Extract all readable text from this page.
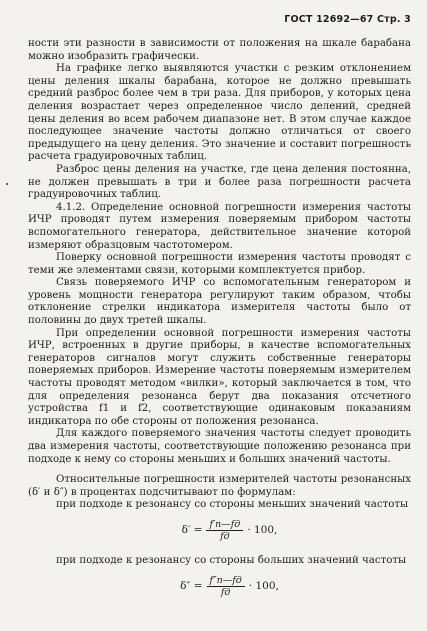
ГОСТ 12692—67 Стр. 3

ности эти разности в зависимости от положения на шкале барабана можно изобразить графически.

На графике легко выявляются участки с резким отклонением цены деления шкалы барабана, которое не должно превышать средний разброс более чем в три раза. Для приборов, у которых цена деления возрастает через определенное число делений, средней цены деления во всем рабочем диапазоне нет. В этом случае каждое последующее значение частоты должно отличаться от своего предыдущего на цену деления. Это значение и составит погрешность расчета градуировочных таблиц.

Разброс цены деления на участке, где цена деления постоянна, не должен превышать в три и более раза погрешности расчета градуировочных таблиц.

4.1.2. Определение основной погрешности измерения частоты ИЧР проводят путем измерения поверяемым прибором частоты вспомогательного генератора, действительное значение которой измеряют образцовым частотомером.

Поверку основной погрешности измерения частоты проводят с теми же элементами связи, которыми комплектуется прибор.

Связь поверяемого ИЧР со вспомогательным генератором и уровень мощности генератора регулируют таким образом, чтобы отклонение стрелки индикатора измерителя частоты было от половины до двух третей шкалы.

При определении основной погрешности измерения частоты ИЧР, встроенных в другие приборы, в качестве вспомогательных генераторов сигналов могут служить собственные генераторы поверяемых приборов. Измерение частоты поверяемым измерителем частоты проводят методом «вилки», который заключается в том, что для определения резонанса берут два показания отсчетного устройства f1 и f2, соответствующие одинаковым показаниям индикатора по обе стороны от положения резонанса.

Для каждого поверяемого значения частоты следует проводить два измерения частоты, соответствующие положению резонанса при подходе к нему со стороны меньших и больших значений частоты.

Относительные погрешности измерителей частоты резонансных (δ′ и δ″) в процентах подсчитывают по формулам:

при подходе к резонансу со стороны меньших значений частоты

$\delta' = \frac{f'п—fд}{fд} \cdot 100$,

при подходе к резонансу со стороны больших значений частоты

$\delta'' = \frac{f''п—fд}{fд} \cdot 100$,
